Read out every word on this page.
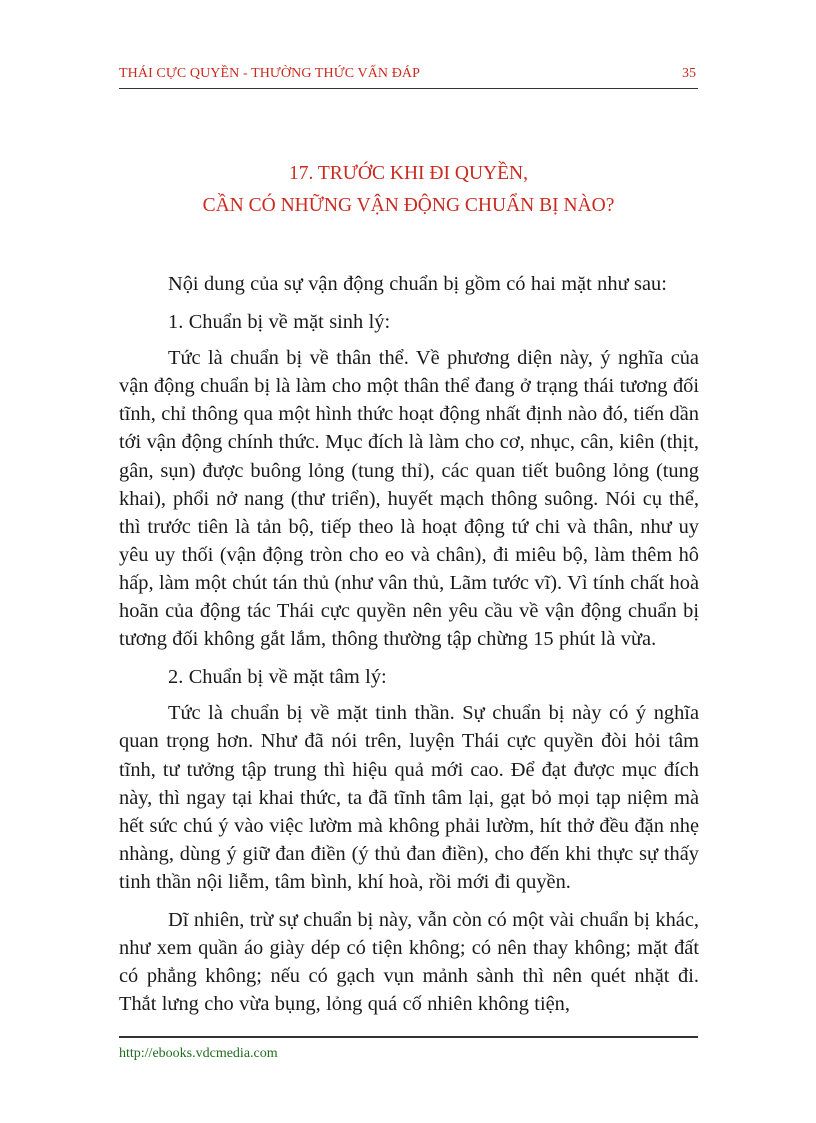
THÁI CỰC QUYỀN - THƯỜNG THỨC VẤN ĐÁP	35
17. TRƯỚC KHI ĐI QUYỀN,
CẦN CÓ NHỮNG VẬN ĐỘNG CHUẨN BỊ NÀO?

Nội dung của sự vận động chuẩn bị gồm có hai mặt như sau:

1. Chuẩn bị về mặt sinh lý:

Tức là chuẩn bị về thân thể. Về phương diện này, ý nghĩa của vận động chuẩn bị là làm cho một thân thể đang ở trạng thái tương đối tĩnh, chỉ thông qua một hình thức hoạt động nhất định nào đó, tiến dần tới vận động chính thức. Mục đích là làm cho cơ, nhục, cân, kiên (thịt, gân, sụn) được buông lỏng (tung thỉ), các quan tiết buông lỏng (tung khai), phổi nở nang (thư triển), huyết mạch thông suông. Nói cụ thể, thì trước tiên là tản bộ, tiếp theo là hoạt động tứ chi và thân, như uy yêu uy thối (vận động tròn cho eo và chân), đi miêu bộ, làm thêm hô hấp, làm một chút tán thủ (như vân thủ, Lãm tước vĩ). Vì tính chất hoà hoãn của động tác Thái cực quyền nên yêu cầu về vận động chuẩn bị tương đối không gắt lắm, thông thường tập chừng 15 phút là vừa.

2. Chuẩn bị về mặt tâm lý:

Tức là chuẩn bị về mặt tinh thần. Sự chuẩn bị này có ý nghĩa quan trọng hơn. Như đã nói trên, luyện Thái cực quyền đòi hỏi tâm tĩnh, tư tưởng tập trung thì hiệu quả mới cao. Để đạt được mục đích này, thì ngay tại khai thức, ta đã tĩnh tâm lại, gạt bỏ mọi tạp niệm mà hết sức chú ý vào việc lườm mà không phải lườm, hít thở đều đặn nhẹ nhàng, dùng ý giữ đan điền (ý thủ đan điền), cho đến khi thực sự thấy tinh thần nội liễm, tâm bình, khí hoà, rồi mới đi quyền.

Dĩ nhiên, trừ sự chuẩn bị này, vẫn còn có một vài chuẩn bị khác, như xem quần áo giày dép có tiện không; có nên thay không; mặt đất có phẳng không; nếu có gạch vụn mảnh sành thì nên quét nhặt đi. Thắt lưng cho vừa bụng, lỏng quá cố nhiên không tiện,

http://ebooks.vdcmedia.com
